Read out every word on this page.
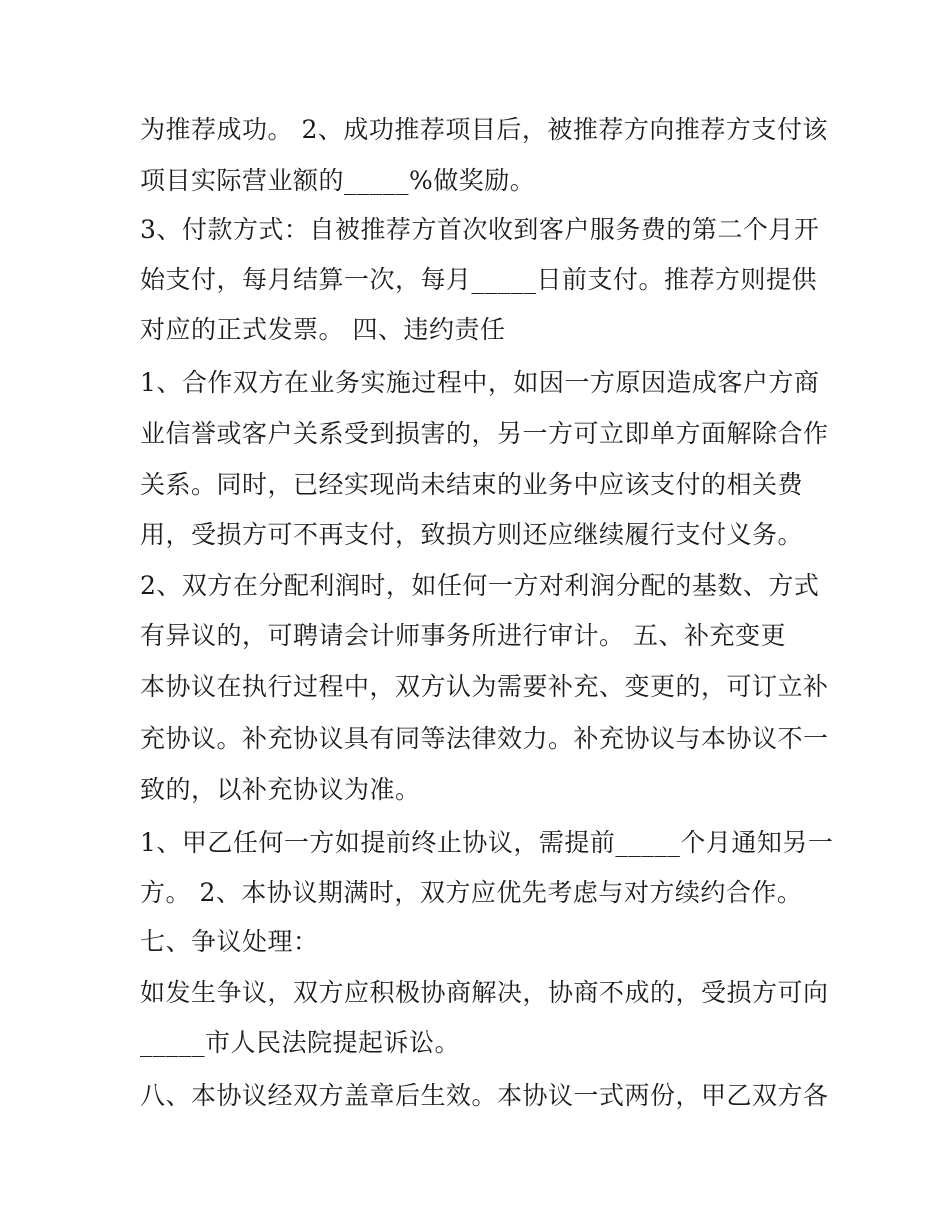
为推荐成功。 2、成功推荐项目后，被推荐方向推荐方支付该

项目实际营业额的_____%做奖励。

3、付款方式：自被推荐方首次收到客户服务费的第二个月开

始支付，每月结算一次，每月_____日前支付。推荐方则提供

对应的正式发票。 四、违约责任

1、合作双方在业务实施过程中，如因一方原因造成客户方商

业信誉或客户关系受到损害的，另一方可立即单方面解除合作

关系。同时，已经实现尚未结束的业务中应该支付的相关费

用，受损方可不再支付，致损方则还应继续履行支付义务。

2、双方在分配利润时，如任何一方对利润分配的基数、方式

有异议的，可聘请会计师事务所进行审计。 五、补充变更

本协议在执行过程中，双方认为需要补充、变更的，可订立补

充协议。补充协议具有同等法律效力。补充协议与本协议不一

致的，以补充协议为准。

1、甲乙任何一方如提前终止协议，需提前_____个月通知另一

方。 2、本协议期满时，双方应优先考虑与对方续约合作。

七、争议处理：

如发生争议，双方应积极协商解决，协商不成的，受损方可向

_____市人民法院提起诉讼。

八、本协议经双方盖章后生效。本协议一式两份，甲乙双方各
